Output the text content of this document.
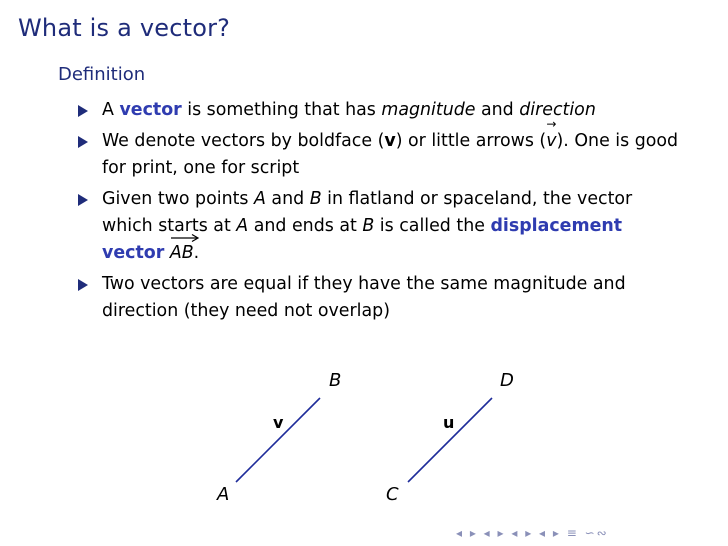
What is a vector?
Definition
A vector is something that has magnitude and direction
We denote vectors by boldface (v) or little arrows (
→
v). One is good for print, one for script
Given two points A and B in flatland or spaceland, the vector which starts at A and ends at B is called the displacement vector AB.
Two vectors are equal if they have the same magnitude and direction (they need not overlap)
B	D
v	u
A	C
◂ ▸ ◂ ▸ ◂ ▸ ◂ ▸ ≡ ∽∾
